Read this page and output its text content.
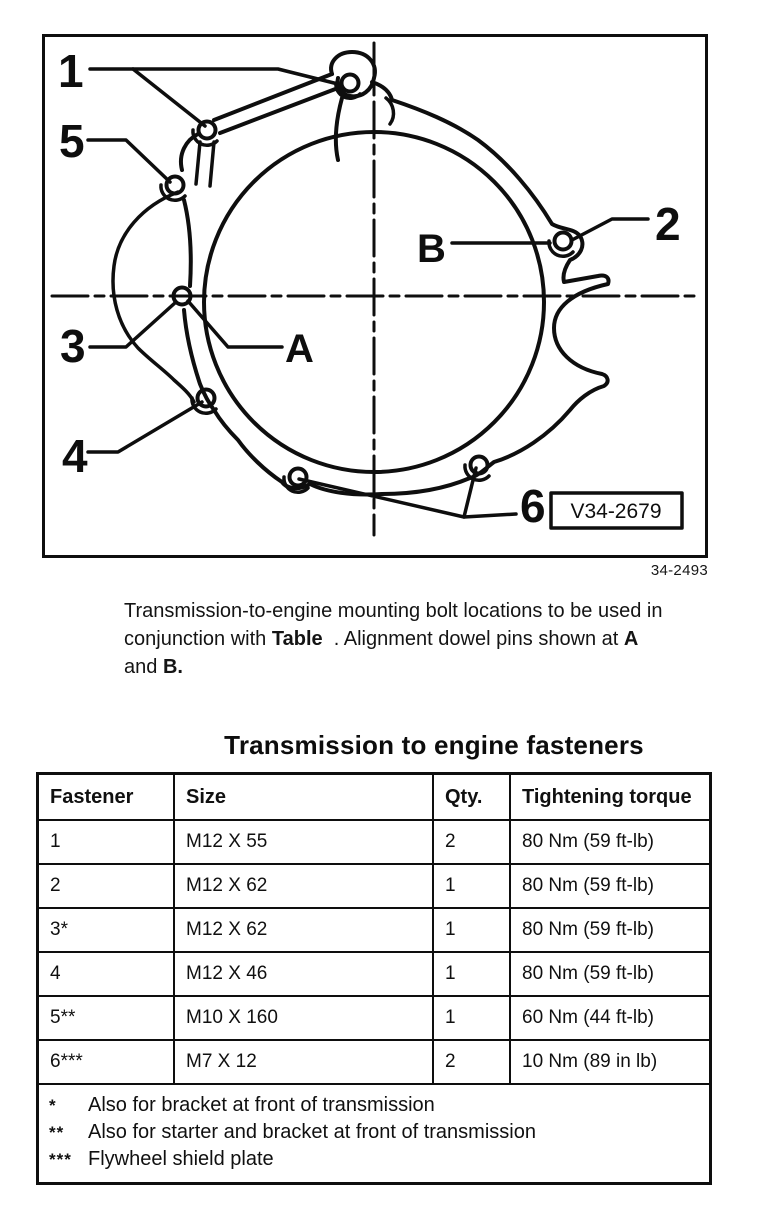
1
5
3
4
2
6
A
B
V34-2679
34-2493
Transmission-to-engine mounting bolt locations to be used in
conjunction with Table  . Alignment dowel pins shown at A
and B.
Transmission to engine fasteners
Fastener	Size	Qty.	Tightening torque
1	M12 X 55	2	80 Nm (59 ft-lb)
2	M12 X 62	1	80 Nm (59 ft-lb)
3*	M12 X 62	1	80 Nm (59 ft-lb)
4	M12 X 46	1	80 Nm (59 ft-lb)
5**	M10 X 160	1	60 Nm (44 ft-lb)
6***	M7 X 12	2	10 Nm (89 in lb)
*	Also for bracket at front of transmission
**	Also for starter and bracket at front of transmission
*** Flywheel shield plate
